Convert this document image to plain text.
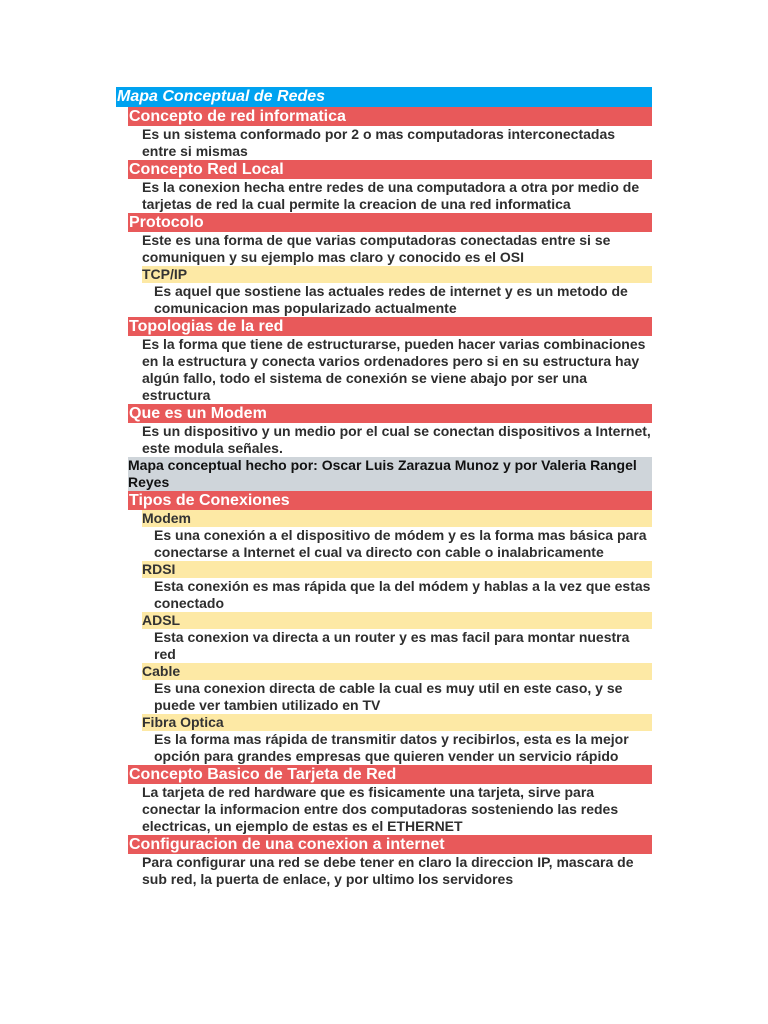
Mapa Conceptual de Redes
Concepto de red informatica
Es un sistema conformado por 2 o mas computadoras interconectadas entre si mismas
Concepto Red Local
Es la conexion hecha entre redes de una computadora a otra por medio de tarjetas de red la cual permite la creacion de una red informatica
Protocolo
Este es una forma de que varias computadoras conectadas entre si se comuniquen y su ejemplo mas claro y conocido es el OSI
TCP/IP
Es aquel que sostiene las actuales redes de internet y es un metodo de comunicacion mas popularizado actualmente
Topologias de la red
Es la forma que tiene de estructurarse, pueden hacer varias combinaciones en la estructura y conecta varios ordenadores pero si en su estructura hay algún fallo, todo el sistema de conexión se viene abajo por ser una estructura
Que es un Modem
Es un dispositivo y un medio por el cual se conectan dispositivos a Internet, este modula señales.
Mapa conceptual hecho por: Oscar Luis Zarazua Munoz y por Valeria Rangel Reyes
Tipos de Conexiones
Modem
Es una conexión a el dispositivo de módem y es la forma mas básica para conectarse a Internet el cual va directo con cable o inalabricamente
RDSI
Esta conexión es mas rápida que la del módem y hablas a la vez que estas conectado
ADSL
Esta conexion va directa a un router y es mas facil para montar nuestra red
Cable
Es una conexion directa de cable la cual es muy util en este caso, y se puede ver tambien utilizado en TV
Fibra Optica
Es la forma mas rápida de transmitir datos y recibirlos, esta es la mejor opción para grandes empresas que quieren vender un servicio rápido
Concepto Basico de Tarjeta de Red
La tarjeta de red hardware que es fisicamente una tarjeta, sirve para conectar la informacion entre dos computadoras sosteniendo las redes electricas, un ejemplo de estas es el ETHERNET
Configuracion de una conexion a internet
Para configurar una red se debe tener en claro la direccion IP, mascara de sub red, la puerta de enlace, y por ultimo los servidores
